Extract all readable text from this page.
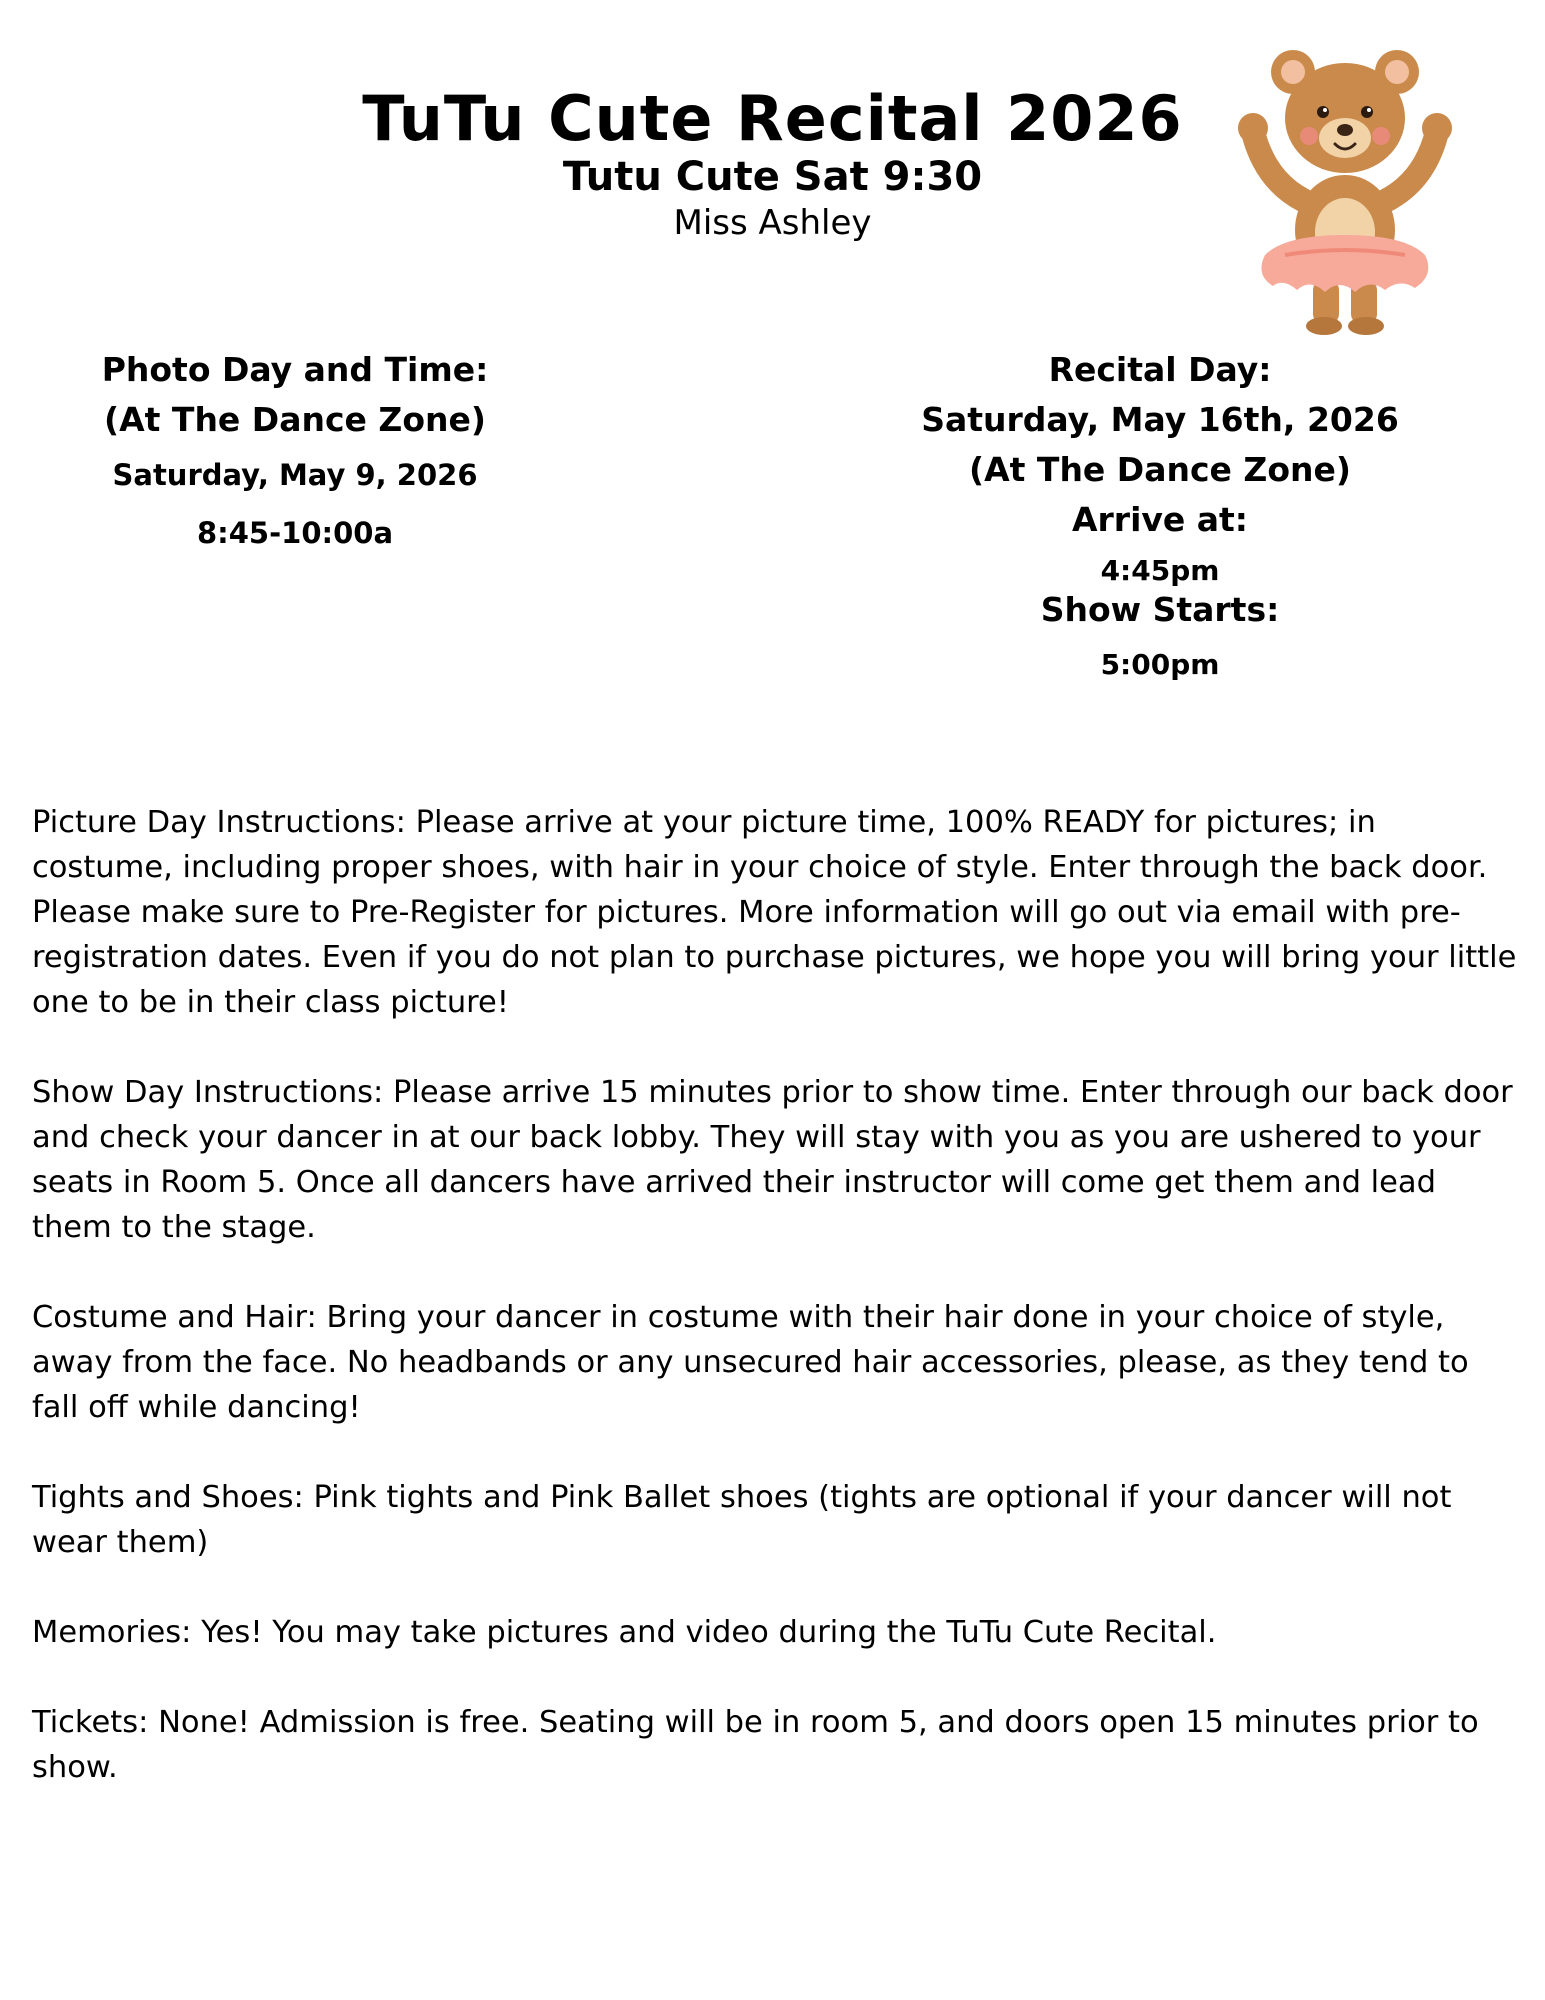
TuTu Cute Recital 2026
Tutu Cute Sat 9:30
Miss Ashley
Photo Day and Time:
(At The Dance Zone)
Saturday, May 9, 2026
8:45-10:00a
Recital Day:
Saturday, May 16th, 2026
(At The Dance Zone)
Arrive at:
4:45pm
Show Starts:
5:00pm

Picture Day Instructions: Please arrive at your picture time, 100% READY for pictures; in costume, including proper shoes, with hair in your choice of style. Enter through the back door. Please make sure to Pre-Register for pictures. More information will go out via email with pre-registration dates. Even if you do not plan to purchase pictures, we hope you will bring your little one to be in their class picture!

Show Day Instructions: Please arrive 15 minutes prior to show time. Enter through our back door and check your dancer in at our back lobby. They will stay with you as you are ushered to your seats in Room 5. Once all dancers have arrived their instructor will come get them and lead them to the stage.

Costume and Hair: Bring your dancer in costume with their hair done in your choice of style, away from the face. No headbands or any unsecured hair accessories, please, as they tend to fall off while dancing!

Tights and Shoes: Pink tights and Pink Ballet shoes (tights are optional if your dancer will not wear them)

Memories: Yes! You may take pictures and video during the TuTu Cute Recital.

Tickets: None! Admission is free. Seating will be in room 5, and doors open 15 minutes prior to show.
